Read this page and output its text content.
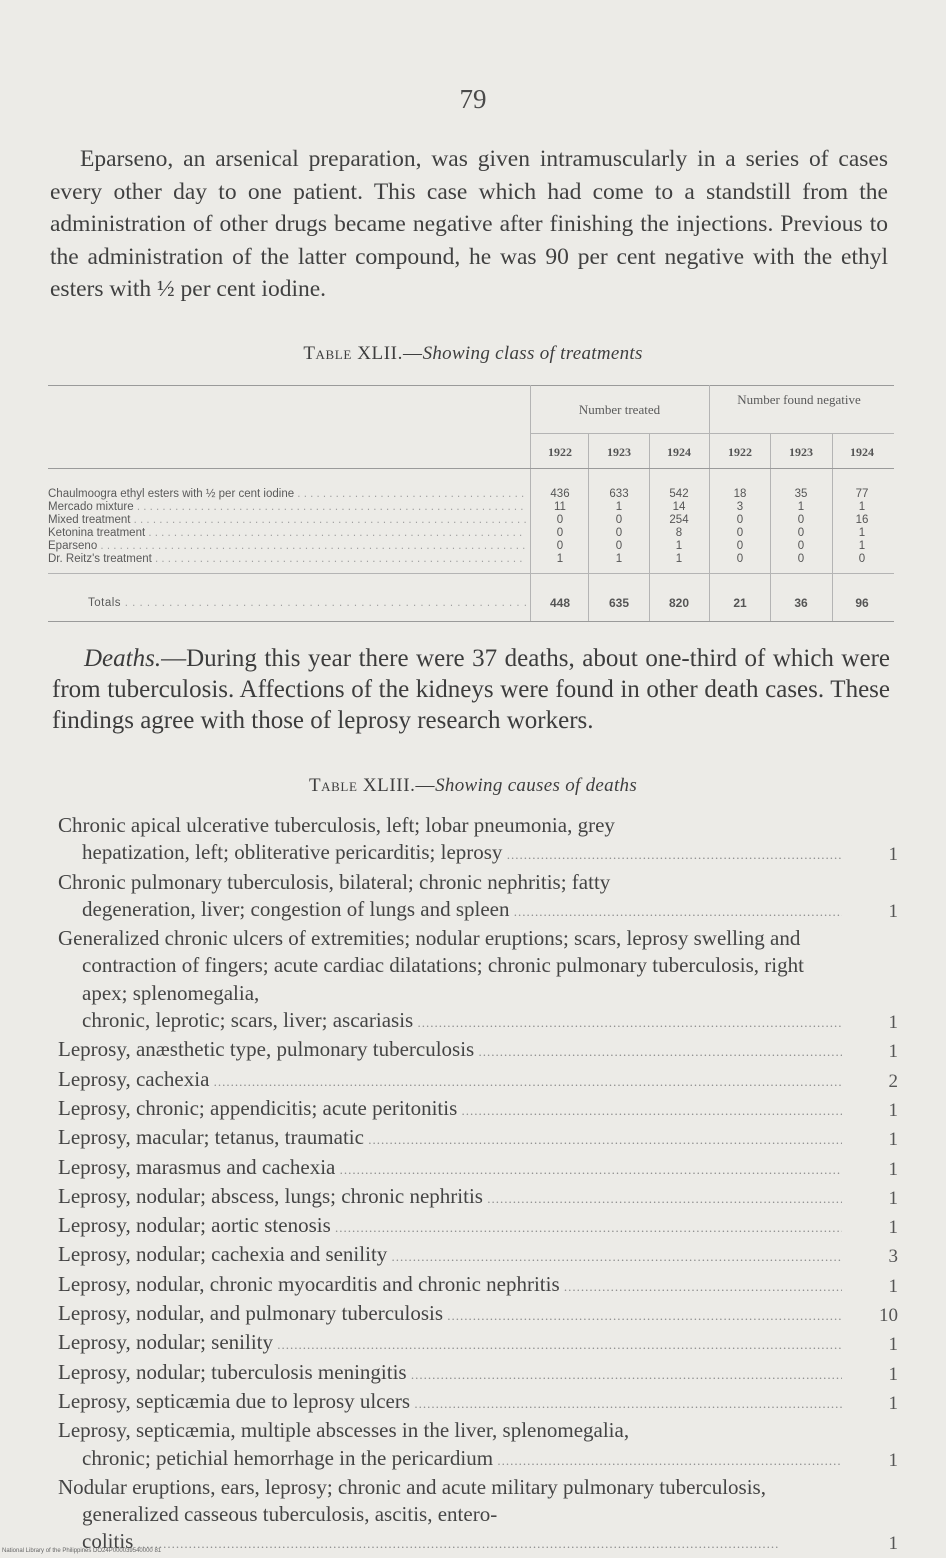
79

Eparseno, an arsenical preparation, was given intramuscularly in a series of cases every other day to one patient. This case which had come to a standstill from the administration of other drugs became negative after finishing the injections. Previous to the administration of the latter compound, he was 90 per cent negative with the ethyl esters with ½ per cent iodine.

Table XLII.—Showing class of treatments
Number treated
Number found negative
1922	1923	1924	1922	1923	1924
Chaulmoogra ethyl esters with ½ per cent iodine . . .	436	633	542	18	35	77
Mercado mixture . . .	11	1	14	3	1	1
Mixed treatment . . .	0	0	254	0	0	16
Ketonina treatment . . .	0	0	8	0	0	1
Eparseno . . .	0	0	1	0	0	1
Dr. Reitz's treatment . . .	1	1	1	0	0	0
Totals . . .	448	635	820	21	36	96

Deaths.—During this year there were 37 deaths, about one-third of which were from tuberculosis. Affections of the kidneys were found in other death cases. These findings agree with those of leprosy research workers.

Table XLIII.—Showing causes of deaths
Chronic apical ulcerative tuberculosis, left; lobar pneumonia, grey hepatization, left; obliterative pericarditis; leprosy .....	1
Chronic pulmonary tuberculosis, bilateral; chronic nephritis; fatty degeneration, liver; congestion of lungs and spleen .....	1
Generalized chronic ulcers of extremities; nodular eruptions; scars, leprosy swelling and contraction of fingers; acute cardiac dilatations; chronic pulmonary tuberculosis, right apex; splenomegalia, chronic, leprotic; scars, liver; ascariasis .....	1
Leprosy, anæsthetic type, pulmonary tuberculosis .....	1
Leprosy, cachexia .....	2
Leprosy, chronic; appendicitis; acute peritonitis .....	1
Leprosy, macular; tetanus, traumatic .....	1
Leprosy, marasmus and cachexia .....	1
Leprosy, nodular; abscess, lungs; chronic nephritis .....	1
Leprosy, nodular; aortic stenosis .....	1
Leprosy, nodular; cachexia and senility .....	3
Leprosy, nodular, chronic myocarditis and chronic nephritis .....	1
Leprosy, nodular, and pulmonary tuberculosis .....	10
Leprosy, nodular; senility .....	1
Leprosy, nodular; tuberculosis meningitis .....	1
Leprosy, septicæmia due to leprosy ulcers .....	1
Leprosy, septicæmia, multiple abscesses in the liver, splenomegalia, chronic; petichial hemorrhage in the pericardium .....	1
Nodular eruptions, ears, leprosy; chronic and acute military pulmonary tuberculosis, generalized casseous tuberculosis, ascitis, entero- colitis .....	1
National Library of the Philippines DO24P000039540000 81
